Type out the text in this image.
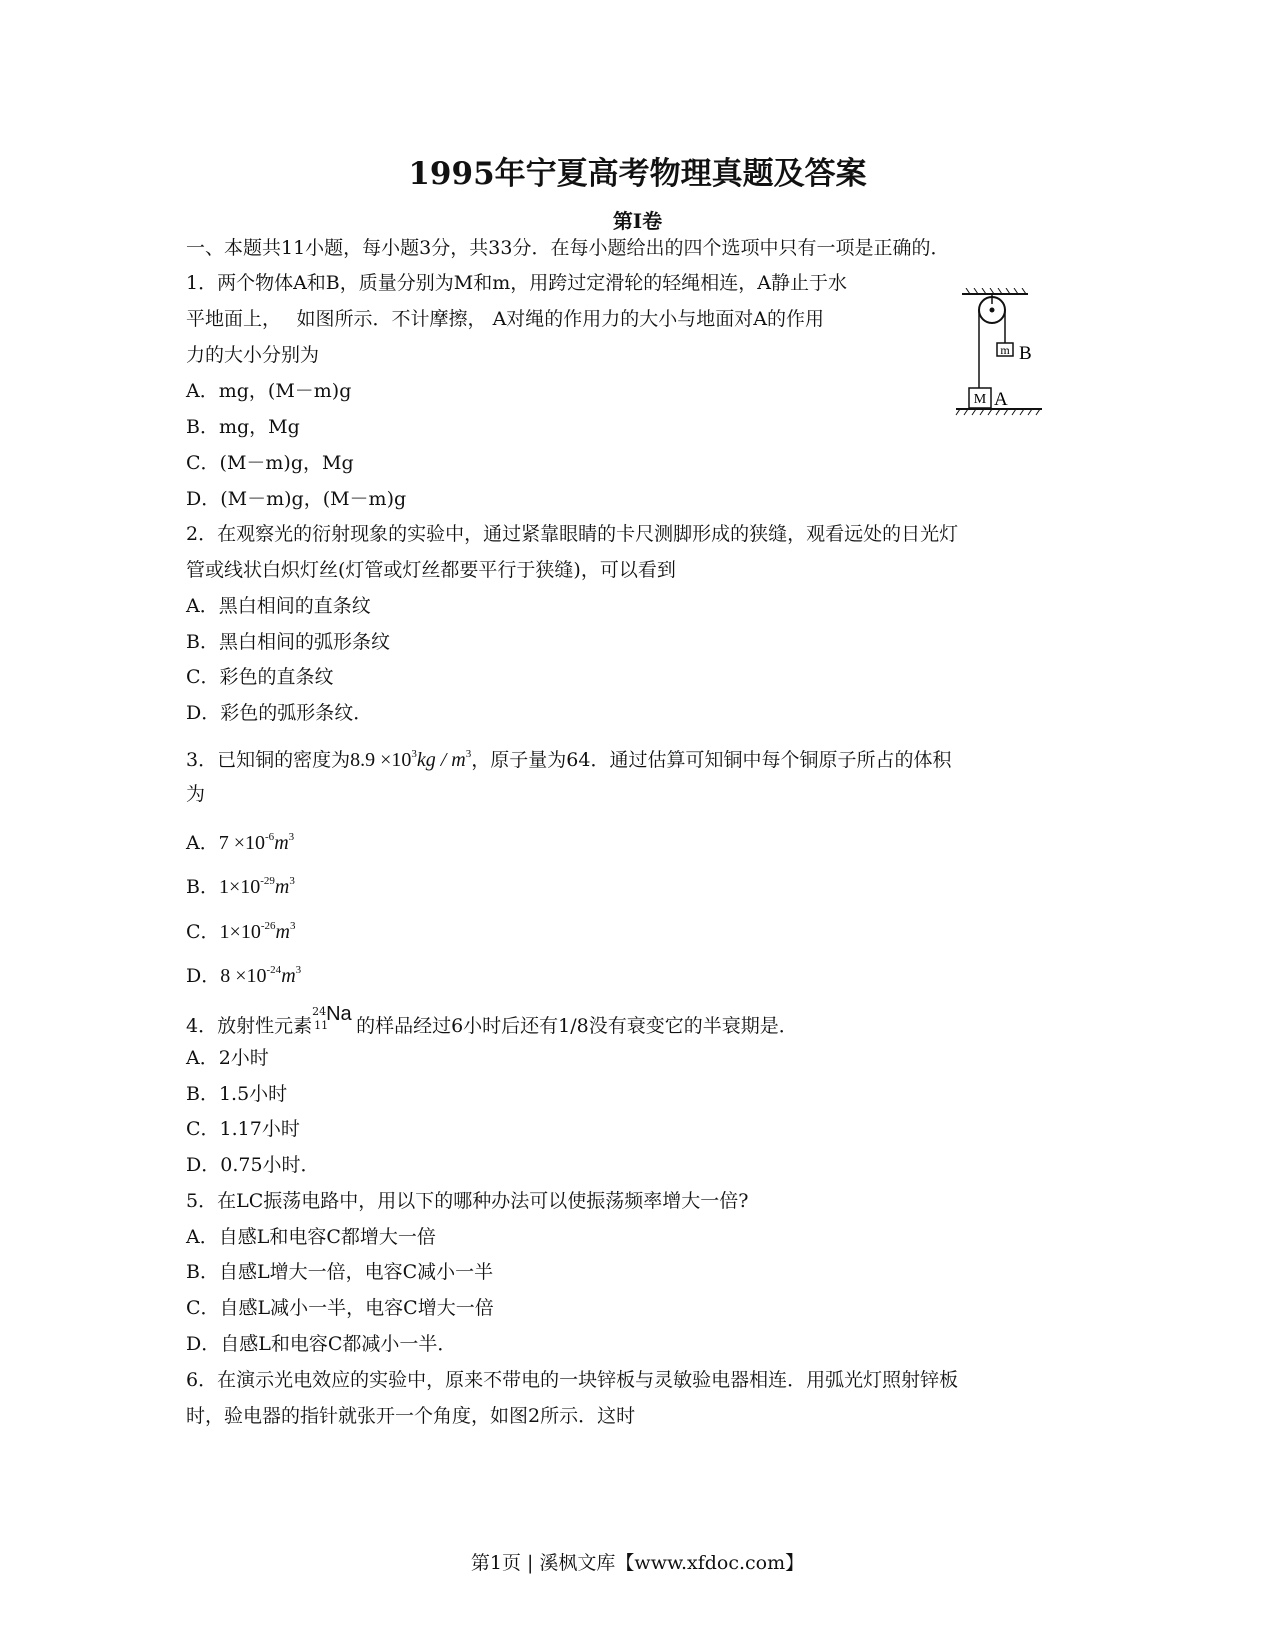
1995年宁夏高考物理真题及答案
第Ⅰ卷
一、本题共11小题，每小题3分，共33分．在每小题给出的四个选项中只有一项是正确的．
1．两个物体A和B，质量分别为M和m，用跨过定滑轮的轻绳相连，A静止于水
平地面上，　 如图所示．不计摩擦， A对绳的作用力的大小与地面对A的作用
力的大小分别为
A．mg，(M－m)g
B．mg，Mg
C．(M－m)g，Mg
D．(M－m)g，(M－m)g
m B
M A
2．在观察光的衍射现象的实验中，通过紧靠眼睛的卡尺测脚形成的狭缝，观看远处的日光灯
管或线状白炽灯丝(灯管或灯丝都要平行于狭缝)，可以看到
A．黑白相间的直条纹
B．黑白相间的弧形条纹
C．彩色的直条纹
D．彩色的弧形条纹．
3．已知铜的密度为$8.9 \times 10^3kg / m^3$，原子量为64．通过估算可知铜中每个铜原子所占的体积
为
A．$7 \times 10^{-6}m^3$
B．$1\times 10^{-29}m^3$
C．$1\times 10^{-26}m^3$
D．$8 \times 10^{-24}m^3$
4．放射性元素
24
11
Na
的样品经过6小时后还有1/8没有衰变它的半衰期是．
A．2小时
B．1.5小时
C．1.17小时
D．0.75小时．
5．在LC振荡电路中，用以下的哪种办法可以使振荡频率增大一倍?
A．自感L和电容C都增大一倍
B．自感L增大一倍，电容C减小一半
C．自感L减小一半，电容C增大一倍
D．自感L和电容C都减小一半．
6．在演示光电效应的实验中，原来不带电的一块锌板与灵敏验电器相连．用弧光灯照射锌板
时，验电器的指针就张开一个角度，如图2所示．这时
第1页 | 溪枫文库【www.xfdoc.com】
